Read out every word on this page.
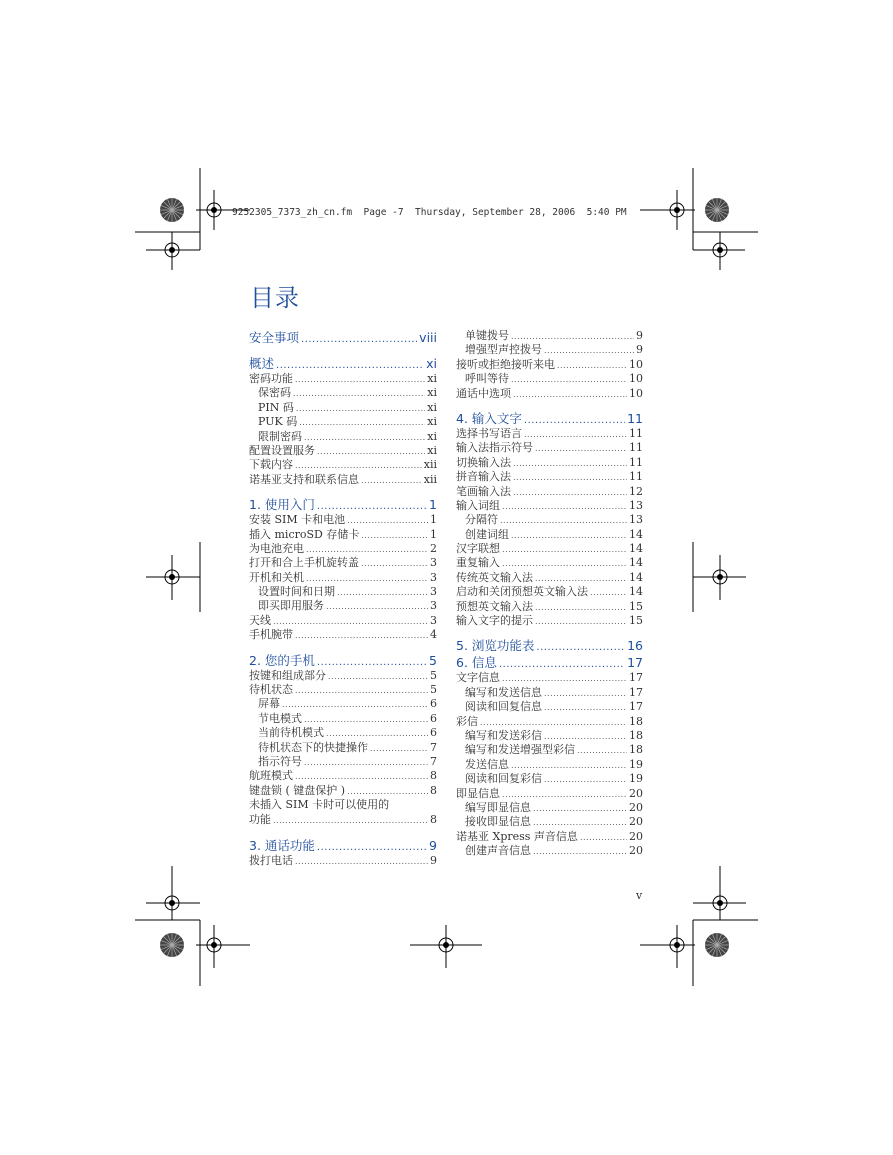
9252305_7373_zh_cn.fm  Page -7  Thursday, September 28, 2006  5:40 PM
目录
安全事项 .....	viii
概述 .....	xi
密码功能 .....	xi
保密码 .....	xi
PIN 码 .....	xi
PUK 码 .....	xi
限制密码 .....	xi
配置设置服务 .....	xi
下载内容 .....	xii
诺基亚支持和联系信息 .....	xii
1. 使用入门 .....	1
安装 SIM 卡和电池 .....	1
插入 microSD 存储卡 .....	1
为电池充电 .....	2
打开和合上手机旋转盖 .....	3
开机和关机 .....	3
设置时间和日期 .....	3
即买即用服务 .....	3
天线 .....	3
手机腕带 .....	4
2. 您的手机 .....	5
按键和组成部分 .....	5
待机状态 .....	5
屏幕 .....	6
节电模式 .....	6
当前待机模式 .....	6
待机状态下的快捷操作 .....	7
指示符号 .....	7
航班模式 .....	8
键盘锁 ( 键盘保护 ) .....	8
未插入 SIM 卡时可以使用的
功能 .....	8
3. 通话功能 .....	9
拨打电话 .....	9
单键拨号 .....	9
增强型声控拨号 .....	9
接听或拒绝接听来电 .....	10
呼叫等待 .....	10
通话中选项 .....	10
4. 输入文字 .....	11
选择书写语言 .....	11
输入法指示符号 .....	11
切换输入法 .....	11
拼音输入法 .....	11
笔画输入法 .....	12
输入词组 .....	13
分隔符 .....	13
创建词组 .....	14
汉字联想 .....	14
重复输入 .....	14
传统英文输入法 .....	14
启动和关闭预想英文输入法 .....	14
预想英文输入法 .....	15
输入文字的提示 .....	15
5. 浏览功能表 .....	16
6. 信息 .....	17
文字信息 .....	17
编写和发送信息 .....	17
阅读和回复信息 .....	17
彩信 .....	18
编写和发送彩信 .....	18
编写和发送增强型彩信 .....	18
发送信息 .....	19
阅读和回复彩信 .....	19
即显信息 .....	20
编写即显信息 .....	20
接收即显信息 .....	20
诺基亚 Xpress 声音信息 .....	20
创建声音信息 .....	20
v
